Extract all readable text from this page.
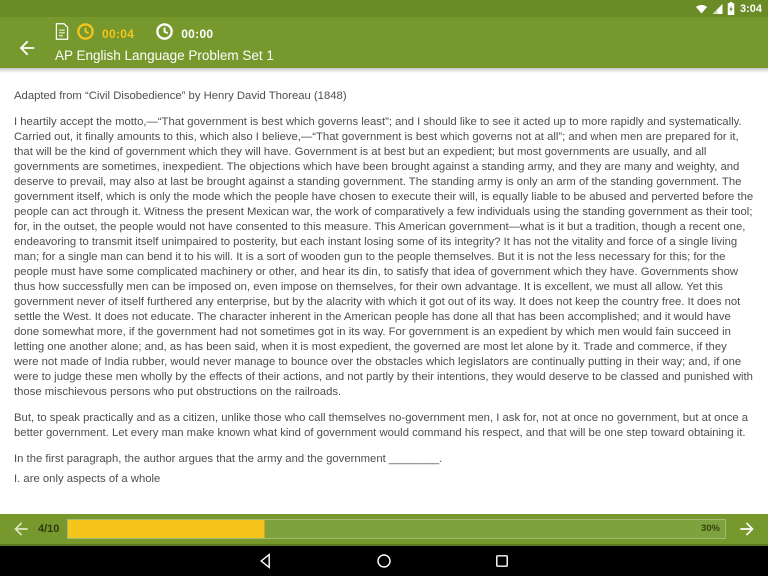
3:04
00:04	00:00
AP English Language Problem Set 1

Adapted from “Civil Disobedience” by Henry David Thoreau (1848)

I heartily accept the motto,—“That government is best which governs least”; and I should like to see it acted up to more rapidly and systematically. Carried out, it finally amounts to this, which also I believe,—“That government is best which governs not at all”; and when men are prepared for it, that will be the kind of government which they will have. Government is at best but an expedient; but most governments are usually, and all governments are sometimes, inexpedient. The objections which have been brought against a standing army, and they are many and weighty, and deserve to prevail, may also at last be brought against a standing government. The standing army is only an arm of the standing government. The government itself, which is only the mode which the people have chosen to execute their will, is equally liable to be abused and perverted before the people can act through it. Witness the present Mexican war, the work of comparatively a few individuals using the standing government as their tool; for, in the outset, the people would not have consented to this measure. This American government—what is it but a tradition, though a recent one, endeavoring to transmit itself unimpaired to posterity, but each instant losing some of its integrity? It has not the vitality and force of a single living man; for a single man can bend it to his will. It is a sort of wooden gun to the people themselves. But it is not the less necessary for this; for the people must have some complicated machinery or other, and hear its din, to satisfy that idea of government which they have. Governments show thus how successfully men can be imposed on, even impose on themselves, for their own advantage. It is excellent, we must all allow. Yet this government never of itself furthered any enterprise, but by the alacrity with which it got out of its way. It does not keep the country free. It does not settle the West. It does not educate. The character inherent in the American people has done all that has been accomplished; and it would have done somewhat more, if the government had not sometimes got in its way. For government is an expedient by which men would fain succeed in letting one another alone; and, as has been said, when it is most expedient, the governed are most let alone by it. Trade and commerce, if they were not made of India rubber, would never manage to bounce over the obstacles which legislators are continually putting in their way; and, if one were to judge these men wholly by the effects of their actions, and not partly by their intentions, they would deserve to be classed and punished with those mischievous persons who put obstructions on the railroads.

But, to speak practically and as a citizen, unlike those who call themselves no-government men, I ask for, not at once no government, but at once a better government. Let every man make known what kind of government would command his respect, and that will be one step toward obtaining it.

In the first paragraph, the author argues that the army and the government ________.

I. are only aspects of a whole

4/10	30%
